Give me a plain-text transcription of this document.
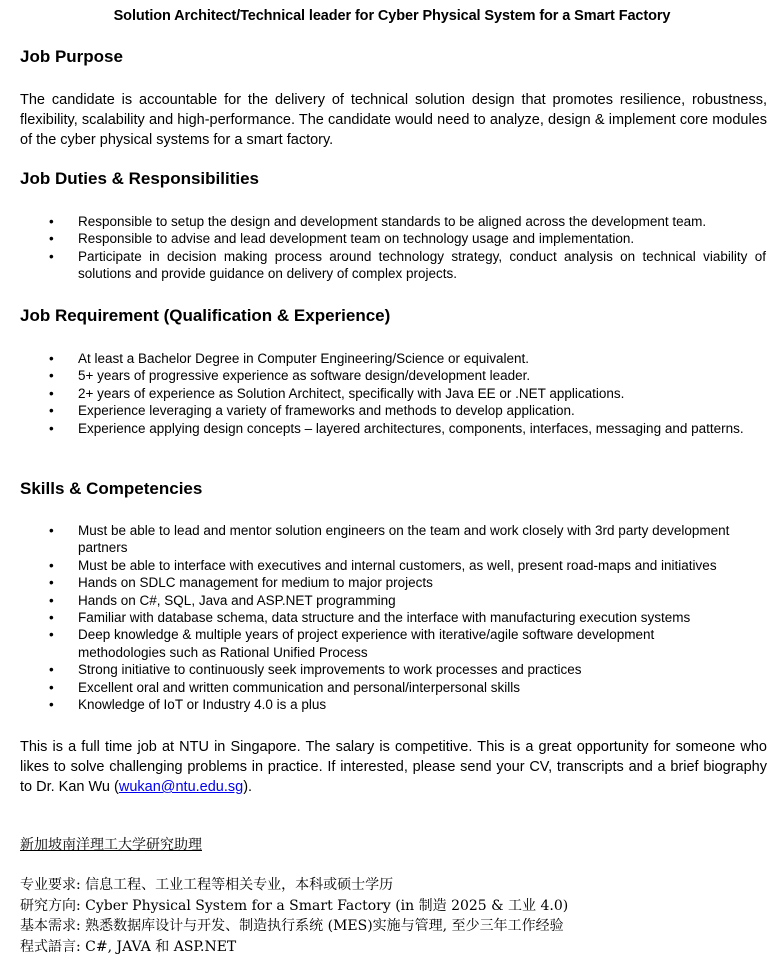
Solution Architect/Technical leader for Cyber Physical System for a Smart Factory
Job Purpose

The candidate is accountable for the delivery of technical solution design that promotes resilience, robustness, flexibility, scalability and high-performance. The candidate would need to analyze, design & implement core modules of the cyber physical systems for a smart factory.

Job Duties & Responsibilities
• Responsible to setup the design and development standards to be aligned across the development team.
• Responsible to advise and lead development team on technology usage and implementation.
• Participate in decision making process around technology strategy, conduct analysis on technical viability of solutions and provide guidance on delivery of complex projects.
Job Requirement (Qualification & Experience)
• At least a Bachelor Degree in Computer Engineering/Science or equivalent.
• 5+ years of progressive experience as software design/development leader.
• 2+ years of experience as Solution Architect, specifically with Java EE or .NET applications.
• Experience leveraging a variety of frameworks and methods to develop application.
• Experience applying design concepts – layered architectures, components, interfaces, messaging and patterns.
Skills & Competencies
• Must be able to lead and mentor solution engineers on the team and work closely with 3rd party development partners
• Must be able to interface with executives and internal customers, as well, present road-maps and initiatives
• Hands on SDLC management for medium to major projects
• Hands on C#, SQL, Java and ASP.NET programming
• Familiar with database schema, data structure and the interface with manufacturing execution systems
• Deep knowledge & multiple years of project experience with iterative/agile software development methodologies such as Rational Unified Process
• Strong initiative to continuously seek improvements to work processes and practices
• Excellent oral and written communication and personal/interpersonal skills
• Knowledge of IoT or Industry 4.0 is a plus

This is a full time job at NTU in Singapore. The salary is competitive. This is a great opportunity for someone who likes to solve challenging problems in practice. If interested, please send your CV, transcripts and a brief biography to Dr. Kan Wu (wukan@ntu.edu.sg).

新加坡南洋理工大学研究助理

专业要求: 信息工程、工业工程等相关专业，本科或硕士学历
研究方向: Cyber Physical System for a Smart Factory (in 制造 2025 & 工业 4.0)
基本需求: 熟悉数据库设计与开发、制造执行系统 (MES)实施与管理, 至少三年工作经验
程式語言: C#, JAVA 和 ASP.NET
